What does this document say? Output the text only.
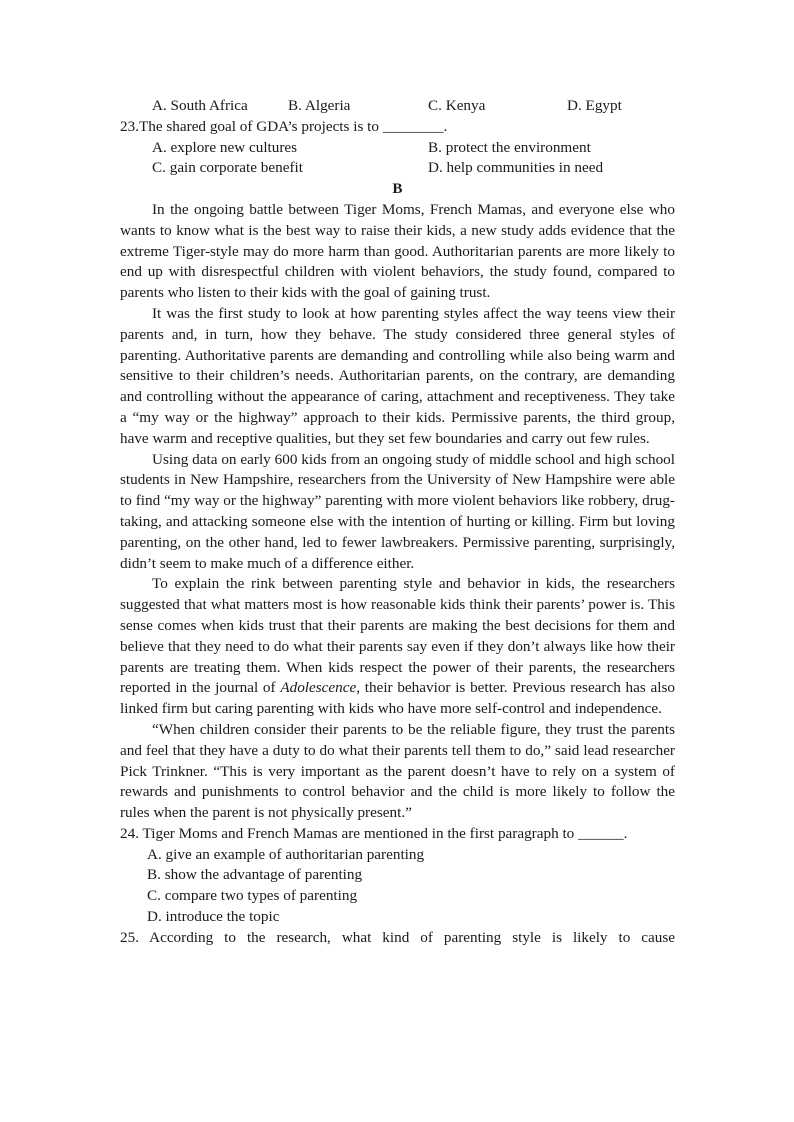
A. South Africa	B. Algeria	C. Kenya	D. Egypt
23.The shared goal of GDA’s projects is to ________.
A. explore new cultures	B. protect the environment
C. gain corporate benefit	D. help communities in need
B

In the ongoing battle between Tiger Moms, French Mamas, and everyone else who wants to know what is the best way to raise their kids, a new study adds evidence that the extreme Tiger-style may do more harm than good. Authoritarian parents are more likely to end up with disrespectful children with violent behaviors, the study found, compared to parents who listen to their kids with the goal of gaining trust.

It was the first study to look at how parenting styles affect the way teens view their parents and, in turn, how they behave. The study considered three general styles of parenting. Authoritative parents are demanding and controlling while also being warm and sensitive to their children’s needs. Authoritarian parents, on the contrary, are demanding and controlling without the appearance of caring, attachment and receptiveness. They take a “my way or the highway” approach to their kids. Permissive parents, the third group, have warm and receptive qualities, but they set few boundaries and carry out few rules.

Using data on early 600 kids from an ongoing study of middle school and high school students in New Hampshire, researchers from the University of New Hampshire were able to find “my way or the highway” parenting with more violent behaviors like robbery, drug-taking, and attacking someone else with the intention of hurting or killing. Firm but loving parenting, on the other hand, led to fewer lawbreakers. Permissive parenting, surprisingly, didn’t seem to make much of a difference either.

To explain the rink between parenting style and behavior in kids, the researchers suggested that what matters most is how reasonable kids think their parents’ power is. This sense comes when kids trust that their parents are making the best decisions for them and believe that they need to do what their parents say even if they don’t always like how their parents are treating them. When kids respect the power of their parents, the researchers reported in the journal of Adolescence, their behavior is better. Previous research has also linked firm but caring parenting with kids who have more self-control and independence.

“When children consider their parents to be the reliable figure, they trust the parents and feel that they have a duty to do what their parents tell them to do,” said lead researcher Pick Trinkner. “This is very important as the parent doesn’t have to rely on a system of rewards and punishments to control behavior and the child is more likely to follow the rules when the parent is not physically present.”

24. Tiger Moms and French Mamas are mentioned in the first paragraph to ______.
A. give an example of authoritarian parenting
B. show the advantage of parenting
C. compare two types of parenting
D. introduce the topic
25. According to the research, what kind of parenting style is likely to cause
